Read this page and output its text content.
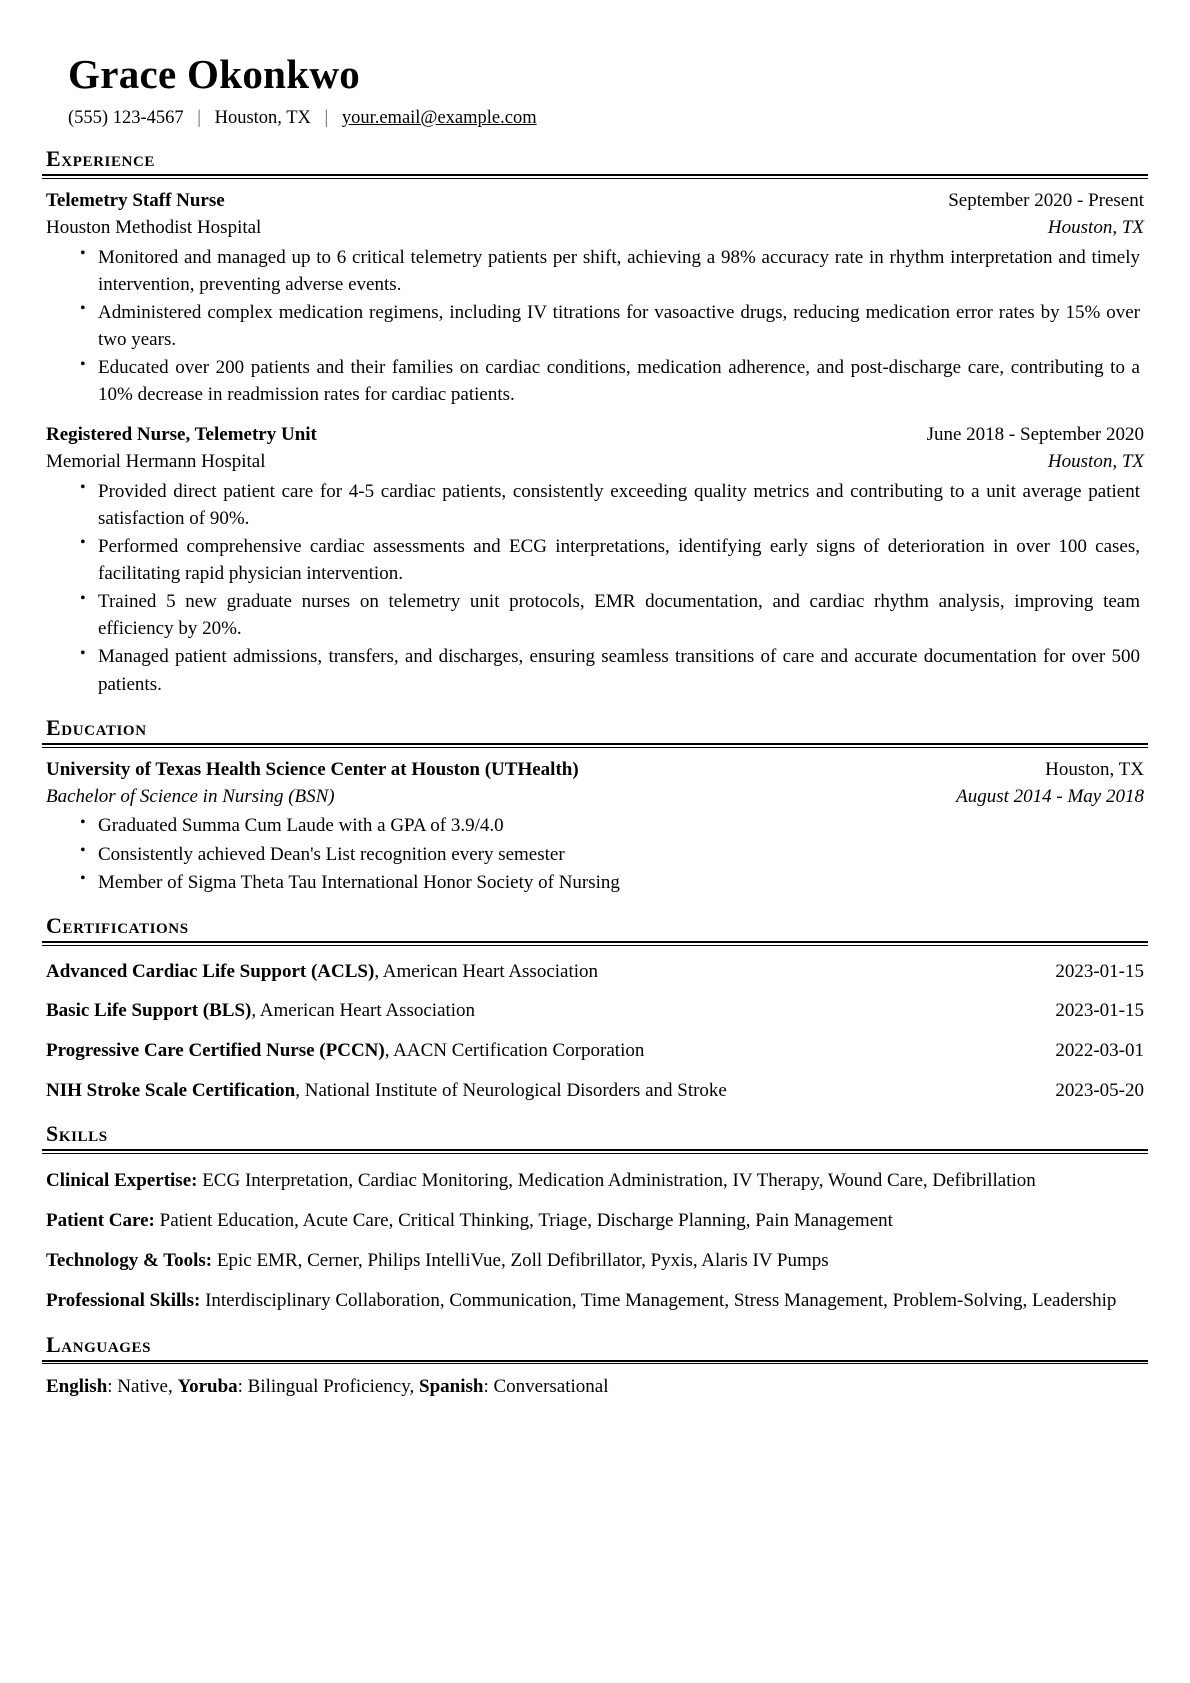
Grace Okonkwo
(555) 123-4567 | Houston, TX | your.email@example.com
Experience
Telemetry Staff Nurse	September 2020 - Present
Houston Methodist Hospital	Houston, TX
• Monitored and managed up to 6 critical telemetry patients per shift, achieving a 98% accuracy rate in rhythm interpretation and timely intervention, preventing adverse events.
• Administered complex medication regimens, including IV titrations for vasoactive drugs, reducing medication error rates by 15% over two years.
• Educated over 200 patients and their families on cardiac conditions, medication adherence, and post-discharge care, contributing to a 10% decrease in readmission rates for cardiac patients.
Registered Nurse, Telemetry Unit	June 2018 - September 2020
Memorial Hermann Hospital	Houston, TX
• Provided direct patient care for 4-5 cardiac patients, consistently exceeding quality metrics and contributing to a unit average patient satisfaction of 90%.
• Performed comprehensive cardiac assessments and ECG interpretations, identifying early signs of deterioration in over 100 cases, facilitating rapid physician intervention.
• Trained 5 new graduate nurses on telemetry unit protocols, EMR documentation, and cardiac rhythm analysis, improving team efficiency by 20%.
• Managed patient admissions, transfers, and discharges, ensuring seamless transitions of care and accurate documentation for over 500 patients.
Education
University of Texas Health Science Center at Houston (UTHealth)	Houston, TX
Bachelor of Science in Nursing (BSN)	August 2014 - May 2018
• Graduated Summa Cum Laude with a GPA of 3.9/4.0
• Consistently achieved Dean's List recognition every semester
• Member of Sigma Theta Tau International Honor Society of Nursing
Certifications
Advanced Cardiac Life Support (ACLS), American Heart Association	2023-01-15
Basic Life Support (BLS), American Heart Association	2023-01-15
Progressive Care Certified Nurse (PCCN), AACN Certification Corporation	2022-03-01
NIH Stroke Scale Certification, National Institute of Neurological Disorders and Stroke	2023-05-20
Skills
Clinical Expertise: ECG Interpretation, Cardiac Monitoring, Medication Administration, IV Therapy, Wound Care, Defibrillation
Patient Care: Patient Education, Acute Care, Critical Thinking, Triage, Discharge Planning, Pain Management
Technology & Tools: Epic EMR, Cerner, Philips IntelliVue, Zoll Defibrillator, Pyxis, Alaris IV Pumps
Professional Skills: Interdisciplinary Collaboration, Communication, Time Management, Stress Management, Problem-Solving, Leadership
Languages
English: Native, Yoruba: Bilingual Proficiency, Spanish: Conversational
